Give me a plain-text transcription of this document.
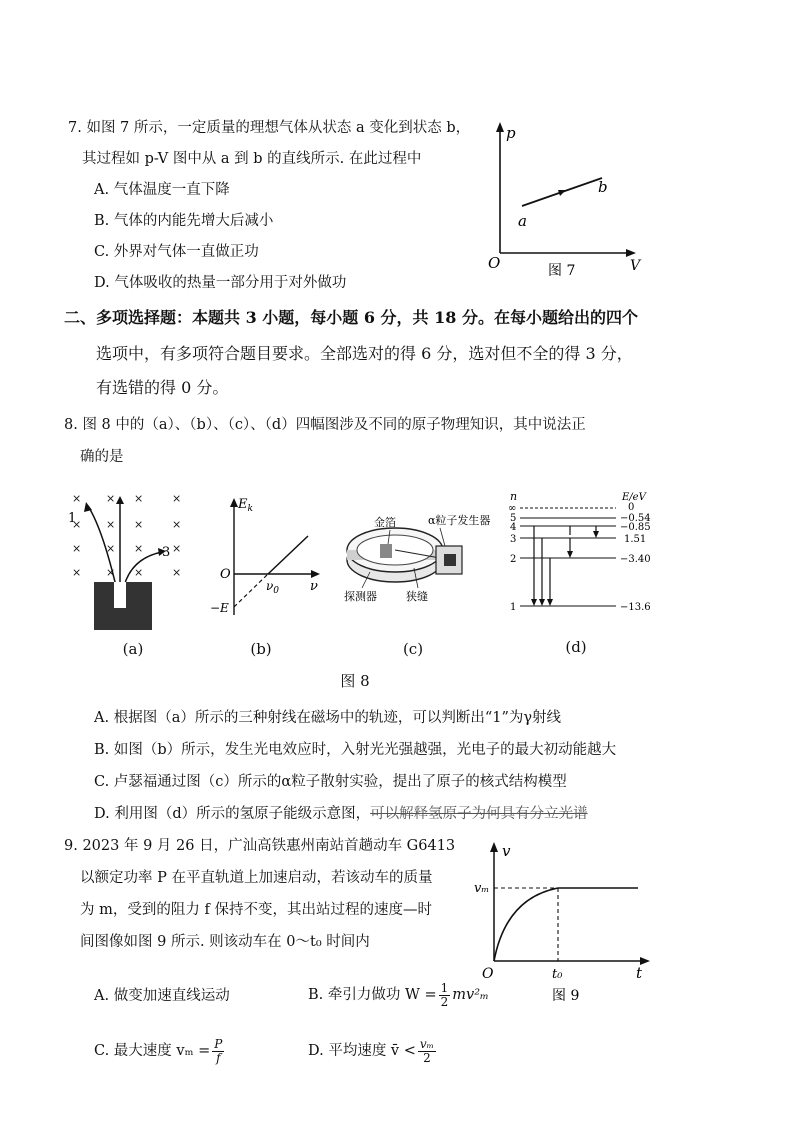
7. 如图 7 所示，一定质量的理想气体从状态 a 变化到状态 b，
其过程如 p-V 图中从 a 到 b 的直线所示. 在此过程中
A. 气体温度一直下降
B. 气体的内能先增大后减小
C. 外界对气体一直做正功
D. 气体吸收的热量一部分用于对外做功
p
O	V
a
b
图 7
二、多项选择题：本题共 3 小题，每小题 6 分，共 18 分。在每小题给出的四个
选项中，有多项符合题目要求。全部选对的得 6 分，选对但不全的得 3 分，
有选错的得 0 分。
8. 图 8 中的（a）、（b）、（c）、（d）四幅图涉及不同的原子物理知识，其中说法正
确的是
× × ×	×
× × ×	×
× × ×	×
× × ×	×
1
3
(a)
$E_k$
O
$\nu_0$ ν
−E
(b)
金箔	α粒子发生器
探测器	狭缝
(c)
n	E/eV
∞
5
4
3
2
1
0
−0.54
−0.85
1.51
−3.40
−13.6
(d)
图 8
A. 根据图（a）所示的三种射线在磁场中的轨迹，可以判断出“1”为γ射线
B. 如图（b）所示，发生光电效应时，入射光光强越强，光电子的最大初动能越大
C. 卢瑟福通过图（c）所示的α粒子散射实验，提出了原子的核式结构模型
D. 利用图（d）所示的氢原子能级示意图，可以解释氢原子为何具有分立光谱
9. 2023 年 9 月 26 日，广汕高铁惠州南站首趟动车 G6413
以额定功率 P 在平直轨道上加速启动，若该动车的质量
为 m，受到的阻力 f 保持不变，其出站过程的速度—时
间图像如图 9 所示. 则该动车在 0～t₀ 时间内
v
vₘ
O	t₀	t
图 9
A. 做变加速直线运动	B. 牵引力做功 $W = \frac{1}{2} mv^2_m$
C. 最大速度 $v_m = \frac{P}{f}$	D. 平均速度 v̄ < $\frac{\text{vₘ}}{2}$
